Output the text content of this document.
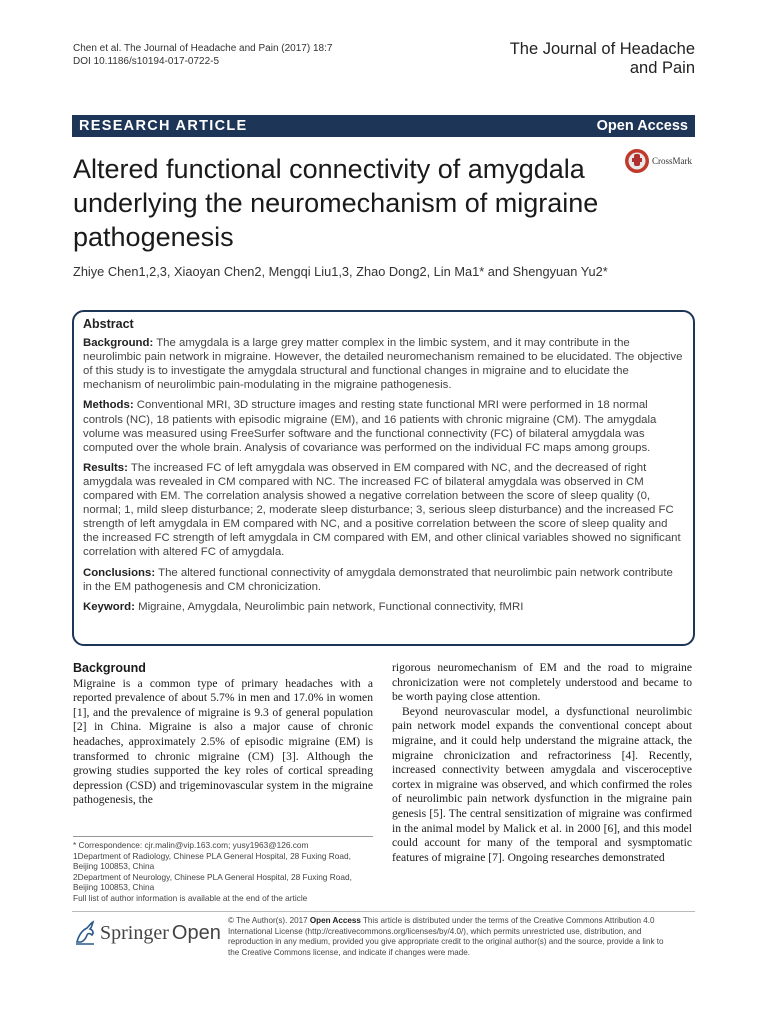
Chen et al. The Journal of Headache and Pain (2017) 18:7
DOI 10.1186/s10194-017-0722-5
The Journal of Headache
and Pain
RESEARCH ARTICLE	Open Access
Altered functional connectivity of amygdala underlying the neuromechanism of migraine pathogenesis
CrossMark
Zhiye Chen1,2,3, Xiaoyan Chen2, Mengqi Liu1,3, Zhao Dong2, Lin Ma1* and Shengyuan Yu2*
Abstract

Background: The amygdala is a large grey matter complex in the limbic system, and it may contribute in the neurolimbic pain network in migraine. However, the detailed neuromechanism remained to be elucidated. The objective of this study is to investigate the amygdala structural and functional changes in migraine and to elucidate the mechanism of neurolimbic pain-modulating in the migraine pathogenesis.

Methods: Conventional MRI, 3D structure images and resting state functional MRI were performed in 18 normal controls (NC), 18 patients with episodic migraine (EM), and 16 patients with chronic migraine (CM). The amygdala volume was measured using FreeSurfer software and the functional connectivity (FC) of bilateral amygdala was computed over the whole brain. Analysis of covariance was performed on the individual FC maps among groups.

Results: The increased FC of left amygdala was observed in EM compared with NC, and the decreased of right amygdala was revealed in CM compared with NC. The increased FC of bilateral amygdala was observed in CM compared with EM. The correlation analysis showed a negative correlation between the score of sleep quality (0, normal; 1, mild sleep disturbance; 2, moderate sleep disturbance; 3, serious sleep disturbance) and the increased FC strength of left amygdala in EM compared with NC, and a positive correlation between the score of sleep quality and the increased FC strength of left amygdala in CM compared with EM, and other clinical variables showed no significant correlation with altered FC of amygdala.

Conclusions: The altered functional connectivity of amygdala demonstrated that neurolimbic pain network contribute in the EM pathogenesis and CM chronicization.

Keyword: Migraine, Amygdala, Neurolimbic pain network, Functional connectivity, fMRI

Background

Migraine is a common type of primary headaches with a reported prevalence of about 5.7% in men and 17.0% in women [1], and the prevalence of migraine is 9.3 of general population [2] in China. Migraine is also a major cause of chronic headaches, approximately 2.5% of episodic migraine (EM) is transformed to chronic migraine (CM) [3]. Although the growing studies supported the key roles of cortical spreading depression (CSD) and trigeminovascular system in the migraine pathogenesis, the

rigorous neuromechanism of EM and the road to migraine chronicization were not completely understood and became to be worth paying close attention.

Beyond neurovascular model, a dysfunctional neurolimbic pain network model expands the conventional concept about migraine, and it could help understand the migraine attack, the migraine chronicization and refractoriness [4]. Recently, increased connectivity between amygdala and visceroceptive cortex in migraine was observed, and which confirmed the roles of neurolimbic pain network dysfunction in the migraine pain genesis [5]. The central sensitization of migraine was confirmed in the animal model by Malick et al. in 2000 [6], and this model could account for many of the temporal and sysmptomatic features of migraine [7]. Ongoing researches demonstrated

* Correspondence: cjr.malin@vip.163.com; yusy1963@126.com
1Department of Radiology, Chinese PLA General Hospital, 28 Fuxing Road, Beijing 100853, China
2Department of Neurology, Chinese PLA General Hospital, 28 Fuxing Road, Beijing 100853, China
Full list of author information is available at the end of the article
Springer Open
© The Author(s). 2017 Open Access This article is distributed under the terms of the Creative Commons Attribution 4.0 International License (http://creativecommons.org/licenses/by/4.0/), which permits unrestricted use, distribution, and reproduction in any medium, provided you give appropriate credit to the original author(s) and the source, provide a link to the Creative Commons license, and indicate if changes were made.
